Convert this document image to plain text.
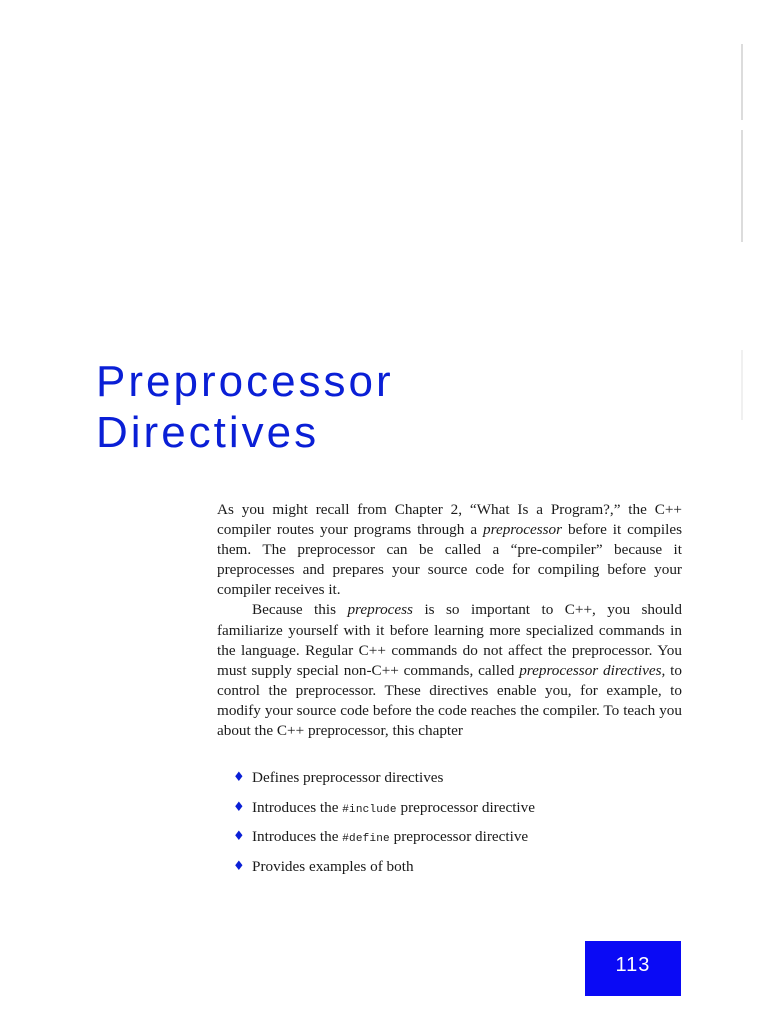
Preprocessor
Directives

As you might recall from Chapter 2, “What Is a Program?,” the C++ compiler routes your programs through a preprocessor before it compiles them. The preprocessor can be called a “pre-compiler” because it preprocesses and prepares your source code for compiling before your compiler receives it.

Because this preprocess is so important to C++, you should familiarize yourself with it before learning more specialized commands in the language. Regular C++ commands do not affect the preprocessor. You must supply special non-C++ commands, called preprocessor directives, to control the preprocessor. These directives enable you, for example, to modify your source code before the code reaches the compiler. To teach you about the C++ preprocessor, this chapter

♦ Defines preprocessor directives
♦ Introduces the #include preprocessor directive
♦ Introduces the #define preprocessor directive
♦ Provides examples of both
113
